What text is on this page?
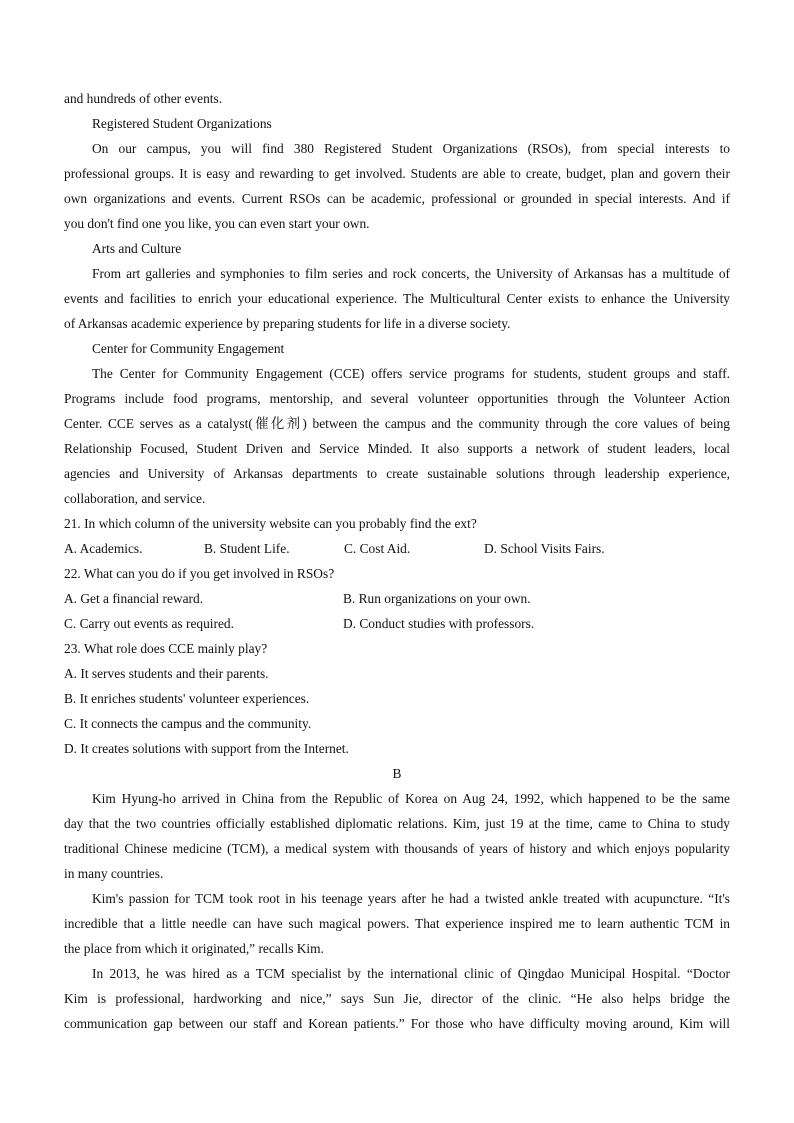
and hundreds of other events.
Registered Student Organizations
On our campus, you will find 380 Registered Student Organizations (RSOs), from special interests to
professional groups. It is easy and rewarding to get involved. Students are able to create, budget, plan and govern their
own organizations and events. Current RSOs can be academic, professional or grounded in special interests. And if
you don't find one you like, you can even start your own.
Arts and Culture
From art galleries and symphonies to film series and rock concerts, the University of Arkansas has a multitude of
events and facilities to enrich your educational experience. The Multicultural Center exists to enhance the University
of Arkansas academic experience by preparing students for life in a diverse society.
Center for Community Engagement
The Center for Community Engagement (CCE) offers service programs for students, student groups and staff.
Programs include food programs, mentorship, and several volunteer opportunities through the Volunteer Action
Center. CCE serves as a catalyst(催化剂) between the campus and the community through the core values of being
Relationship Focused, Student Driven and Service Minded. It also supports a network of student leaders, local
agencies and University of Arkansas departments to create sustainable solutions through leadership experience,
collaboration, and service.
21. In which column of the university website can you probably find the ext?
A. Academics.	B. Student Life.	C. Cost Aid.	D. School Visits Fairs.
22. What can you do if you get involved in RSOs?
A. Get a financial reward.	B. Run organizations on your own.
C. Carry out events as required.	D. Conduct studies with professors.
23. What role does CCE mainly play?
A. It serves students and their parents.
B. It enriches students' volunteer experiences.
C. It connects the campus and the community.
D. It creates solutions with support from the Internet.
B
Kim Hyung-ho arrived in China from the Republic of Korea on Aug 24, 1992, which happened to be the same
day that the two countries officially established diplomatic relations. Kim, just 19 at the time, came to China to study
traditional Chinese medicine (TCM), a medical system with thousands of years of history and which enjoys popularity
in many countries.
Kim's passion for TCM took root in his teenage years after he had a twisted ankle treated with acupuncture. “It's
incredible that a little needle can have such magical powers. That experience inspired me to learn authentic TCM in
the place from which it originated,” recalls Kim.
In 2013, he was hired as a TCM specialist by the international clinic of Qingdao Municipal Hospital. “Doctor
Kim is professional, hardworking and nice,” says Sun Jie, director of the clinic. “He also helps bridge the
communication gap between our staff and Korean patients.” For those who have difficulty moving around, Kim will
